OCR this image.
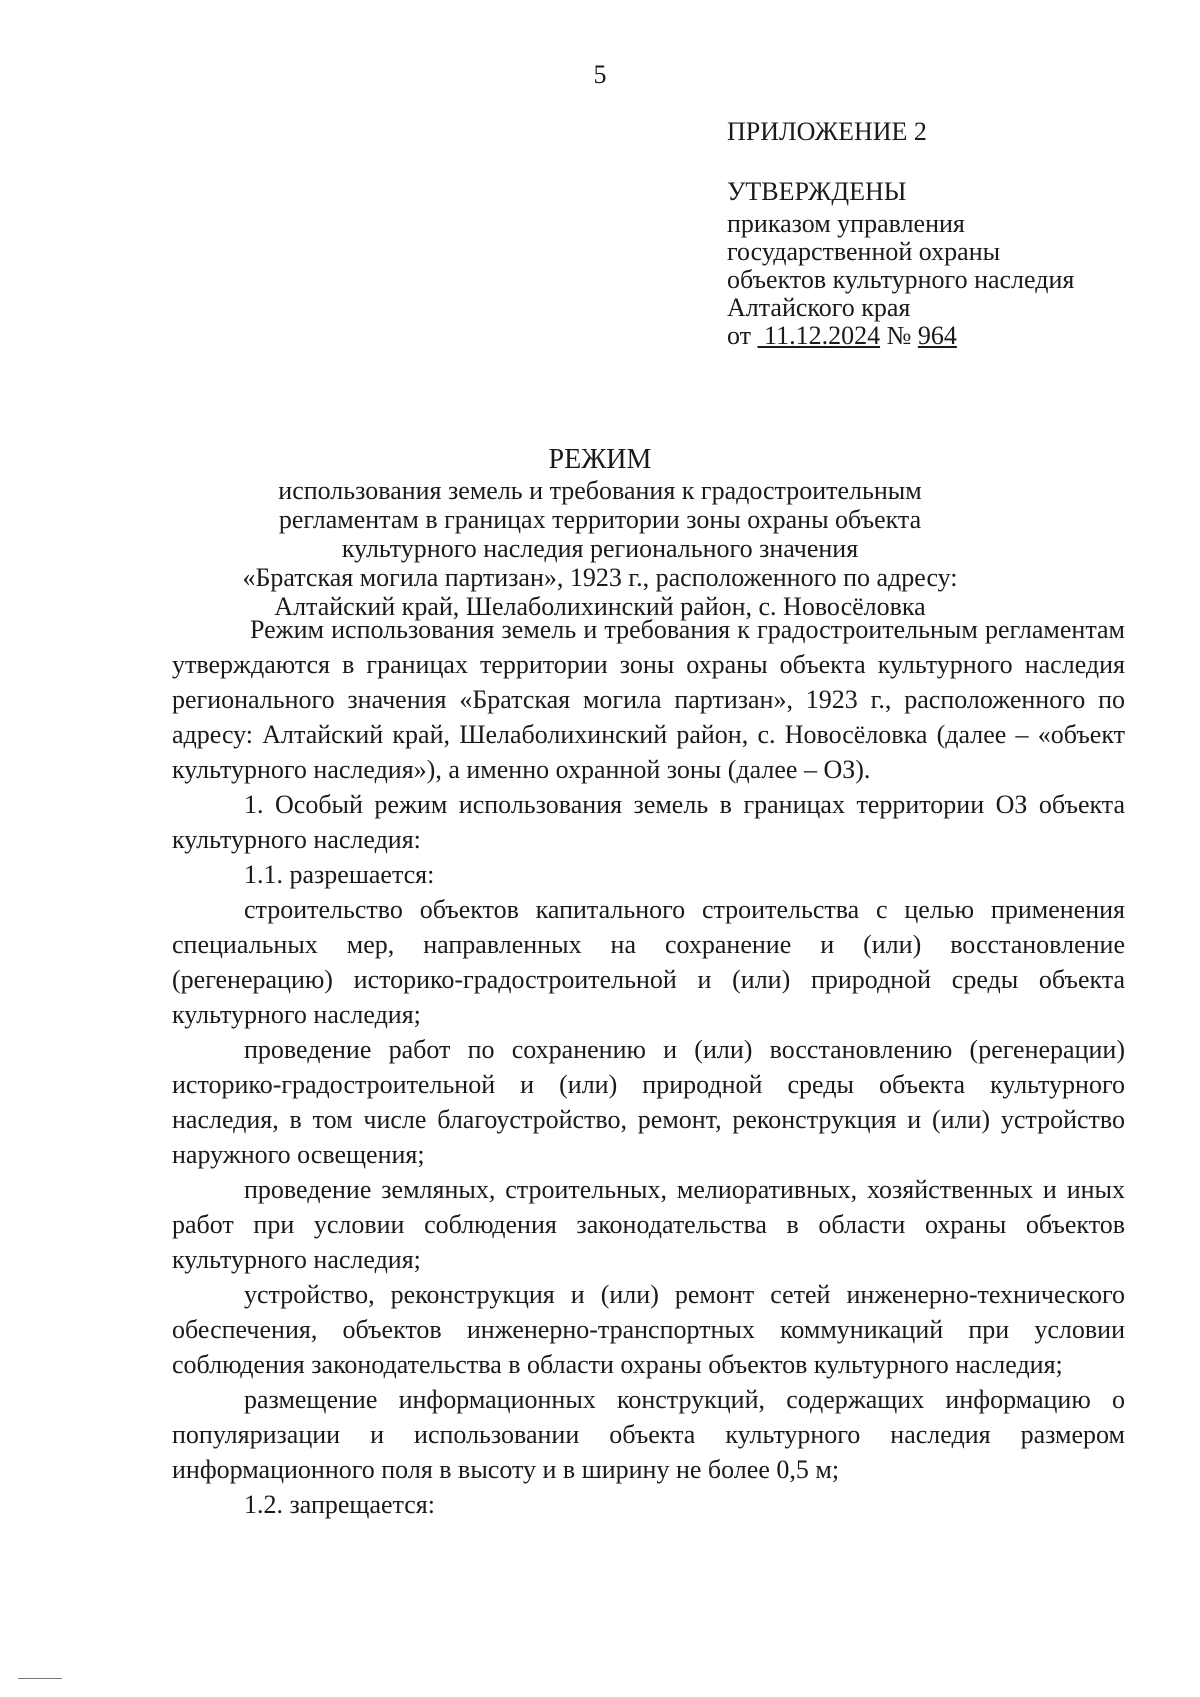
5
ПРИЛОЖЕНИЕ 2
УТВЕРЖДЕНЫ
приказом управления
государственной охраны
объектов культурного наследия
Алтайского края
от 11.12.2024 № 964
РЕЖИМ
использования земель и требования к градостроительным
регламентам в границах территории зоны охраны объекта
культурного наследия регионального значения
«Братская могила партизан», 1923 г., расположенного по адресу:
Алтайский край, Шелаболихинский район, с. Новосёловка

Режим использования земель и требования к градостроительным регламентам утверждаются в границах территории зоны охраны объекта культурного наследия регионального значения «Братская могила партизан», 1923 г., расположенного по адресу: Алтайский край, Шелаболихинский район, с. Новосёловка (далее – «объект культурного наследия»), а именно охранной зоны (далее – ОЗ).

1. Особый режим использования земель в границах территории ОЗ объекта культурного наследия:

1.1. разрешается:

строительство объектов капитального строительства с целью применения специальных мер, направленных на сохранение и (или) восстановление (регенерацию) историко-градостроительной и (или) природной среды объекта культурного наследия;

проведение работ по сохранению и (или) восстановлению (регенерации) историко-градостроительной и (или) природной среды объекта культурного наследия, в том числе благоустройство, ремонт, реконструкция и (или) устройство наружного освещения;

проведение земляных, строительных, мелиоративных, хозяйственных и иных работ при условии соблюдения законодательства в области охраны объектов культурного наследия;

устройство, реконструкция и (или) ремонт сетей инженерно-технического обеспечения, объектов инженерно-транспортных коммуникаций при условии соблюдения законодательства в области охраны объектов культурного наследия;

размещение информационных конструкций, содержащих информацию о популяризации и использовании объекта культурного наследия размером информационного поля в высоту и в ширину не более 0,5 м;

1.2. запрещается:
